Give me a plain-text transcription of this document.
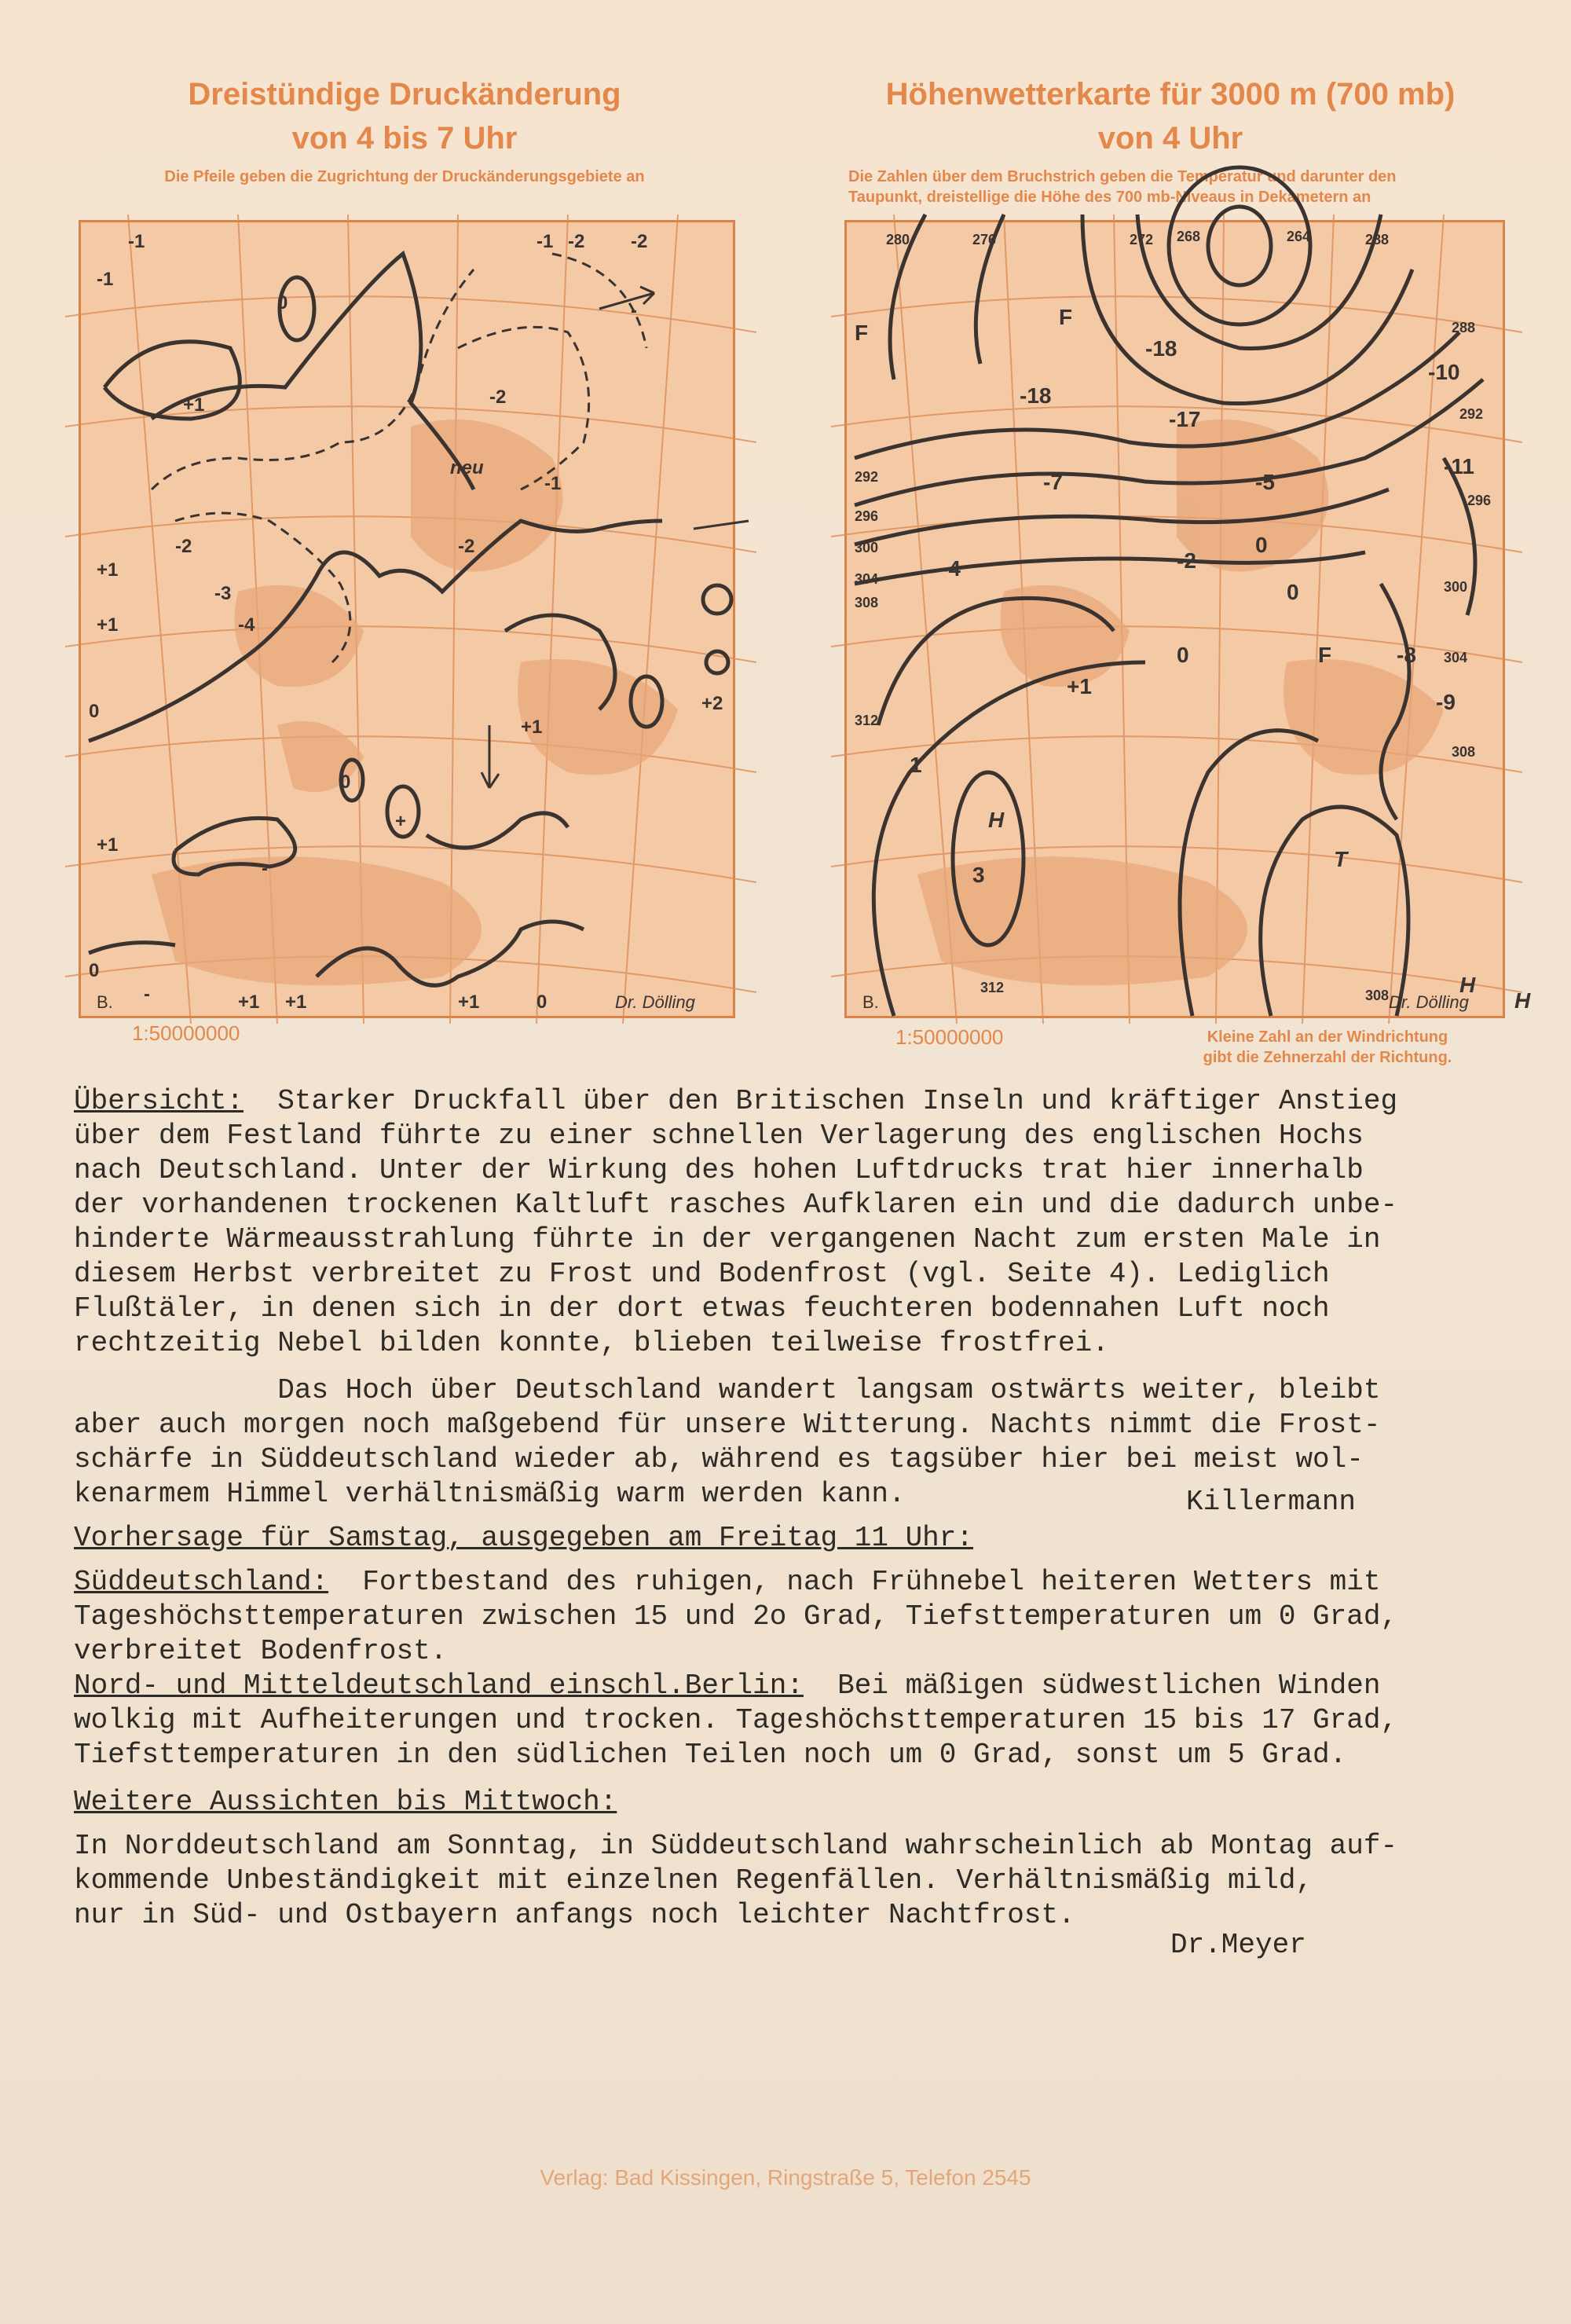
Dreistündige Druckänderung
von 4 bis 7 Uhr
Die Pfeile geben die Zugrichtung der Druckänderungsgebiete an
Höhenwetterkarte für 3000 m (700 mb)
von 4 Uhr
Die Zahlen über dem Bruchstrich geben die Temperatur und darunter den
Taupunkt, dreistellige die Höhe des 700 mb-Niveaus in Dekametern an
-1	-1 -2 -2
-1
+1
0
-2
-2
-1
-2
-3
-4
neu
+1
+1
0
+1
+1
+2
0
+
-
-
-	+1	+1	0
0
+1
B.	Dr. Dölling
280	276	272 268	264	288
288
292
296
300
304
308
292
296
300
304
308
312
312	308
-18
-18
-17
-7	-5
-4	-2
0
0
0
+1
-8
-9
-10
-11
1
3
H
H
H
T
F
F
F
B.	Dr. Dölling
1:50000000	1:50000000	Kleine Zahl an der Windrichtung
gibt die Zehnerzahl der Richtung.
Übersicht:  Starker Druckfall über den Britischen Inseln und kräftiger Anstieg
über dem Festland führte zu einer schnellen Verlagerung des englischen Hochs
nach Deutschland. Unter der Wirkung des hohen Luftdrucks trat hier innerhalb
der vorhandenen trockenen Kaltluft rasches Aufklaren ein und die dadurch unbe-
hinderte Wärmeausstrahlung führte in der vergangenen Nacht zum ersten Male in
diesem Herbst verbreitet zu Frost und Bodenfrost (vgl. Seite 4). Lediglich
Flußtäler, in denen sich in der dort etwas feuchteren bodennahen Luft noch
rechtzeitig Nebel bilden konnte, blieben teilweise frostfrei.
Das Hoch über Deutschland wandert langsam ostwärts weiter, bleibt
aber auch morgen noch maßgebend für unsere Witterung. Nachts nimmt die Frost-
schärfe in Süddeutschland wieder ab, während es tagsüber hier bei meist wol-
kenarmem Himmel verhältnismäßig warm werden kann.	Killermann
Vorhersage für Samstag, ausgegeben am Freitag 11 Uhr:
Süddeutschland:  Fortbestand des ruhigen, nach Frühnebel heiteren Wetters mit
Tageshöchsttemperaturen zwischen 15 und 2o Grad, Tiefsttemperaturen um 0 Grad,
verbreitet Bodenfrost.
Nord- und Mitteldeutschland einschl.Berlin:  Bei mäßigen südwestlichen Winden
wolkig mit Aufheiterungen und trocken. Tageshöchsttemperaturen 15 bis 17 Grad,
Tiefsttemperaturen in den südlichen Teilen noch um 0 Grad, sonst um 5 Grad.
Weitere Aussichten bis Mittwoch:
In Norddeutschland am Sonntag, in Süddeutschland wahrscheinlich ab Montag auf-
kommende Unbeständigkeit mit einzelnen Regenfällen. Verhältnismäßig mild,
nur in Süd- und Ostbayern anfangs noch leichter Nachtfrost.
Dr.Meyer
Verlag: Bad Kissingen, Ringstraße 5, Telefon 2545
